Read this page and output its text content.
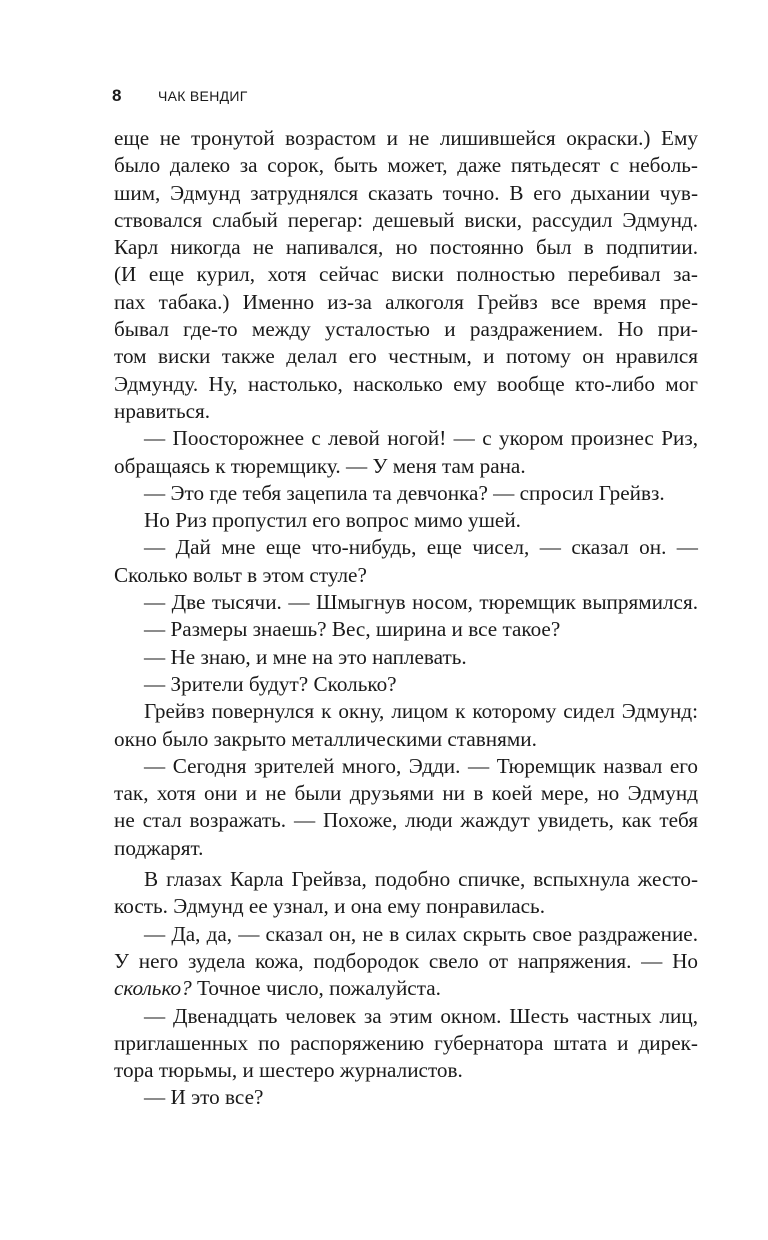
8	ЧАК ВЕНДИГ
еще не тронутой возрастом и не лишившейся окраски.) Ему
было далеко за сорок, быть может, даже пятьдесят с неболь-
шим, Эдмунд затруднялся сказать точно. В его дыхании чув-
ствовался слабый перегар: дешевый виски, рассудил Эдмунд.
Карл никогда не напивался, но постоянно был в подпитии.
(И еще курил, хотя сейчас виски полностью перебивал за-
пах табака.) Именно из-за алкоголя Грейвз все время пре-
бывал где-то между усталостью и раздражением. Но при-
том виски также делал его честным, и потому он нравился
Эдмунду. Ну, настолько, насколько ему вообще кто-либо мог
нравиться.
— Поосторожнее с левой ногой! — с укором произнес Риз,
обращаясь к тюремщику. — У меня там рана.
— Это где тебя зацепила та девчонка? — спросил Грейвз.
Но Риз пропустил его вопрос мимо ушей.
— Дай мне еще что-нибудь, еще чисел, — сказал он. —
Сколько вольт в этом стуле?
— Две тысячи. — Шмыгнув носом, тюремщик выпрямился.
— Размеры знаешь? Вес, ширина и все такое?
— Не знаю, и мне на это наплевать.
— Зрители будут? Сколько?
Грейвз повернулся к окну, лицом к которому сидел Эдмунд:
окно было закрыто металлическими ставнями.
— Сегодня зрителей много, Эдди. — Тюремщик назвал его
так, хотя они и не были друзьями ни в коей мере, но Эдмунд
не стал возражать. — Похоже, люди жаждут увидеть, как тебя
поджарят.
В глазах Карла Грейвза, подобно спичке, вспыхнула жесто-
кость. Эдмунд ее узнал, и она ему понравилась.
— Да, да, — сказал он, не в силах скрыть свое раздражение.
У него зудела кожа, подбородок свело от напряжения. — Но
сколько? Точное число, пожалуйста.
— Двенадцать человек за этим окном. Шесть частных лиц,
приглашенных по распоряжению губернатора штата и дирек-
тора тюрьмы, и шестеро журналистов.
— И это все?
